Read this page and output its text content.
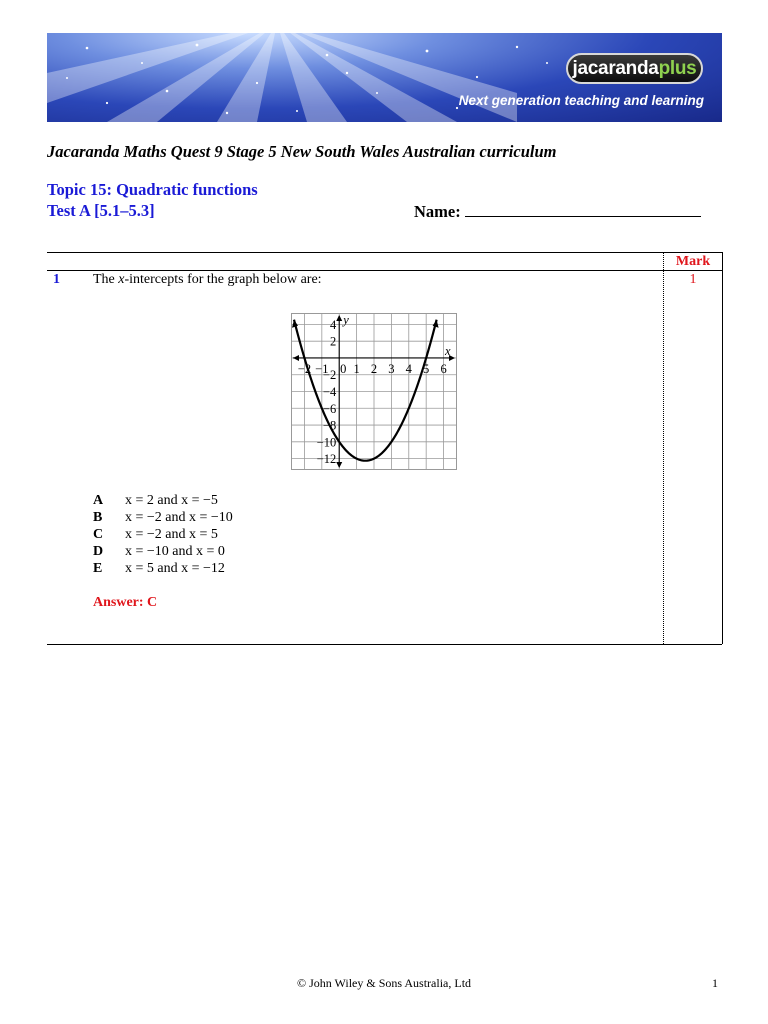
jacaranda plus
Next generation teaching and learning
Jacaranda Maths Quest 9 Stage 5 New South Wales Australian curriculum
Topic 15: Quadratic functions
Test A [5.1–5.3]	Name:
Mark
1 The x-intercepts for the graph below are:	1
−2 −1 0 1 2 3 4 5 6
4
2
−2
−4
−6
−8
−10
−12
x
y
A	x = 2 and x = −5
B	x = −2 and x = −10
C	x = −2 and x = 5
D	x = −10 and x = 0
E	x = 5 and x = −12
Answer: C
© John Wiley & Sons Australia, Ltd	1
